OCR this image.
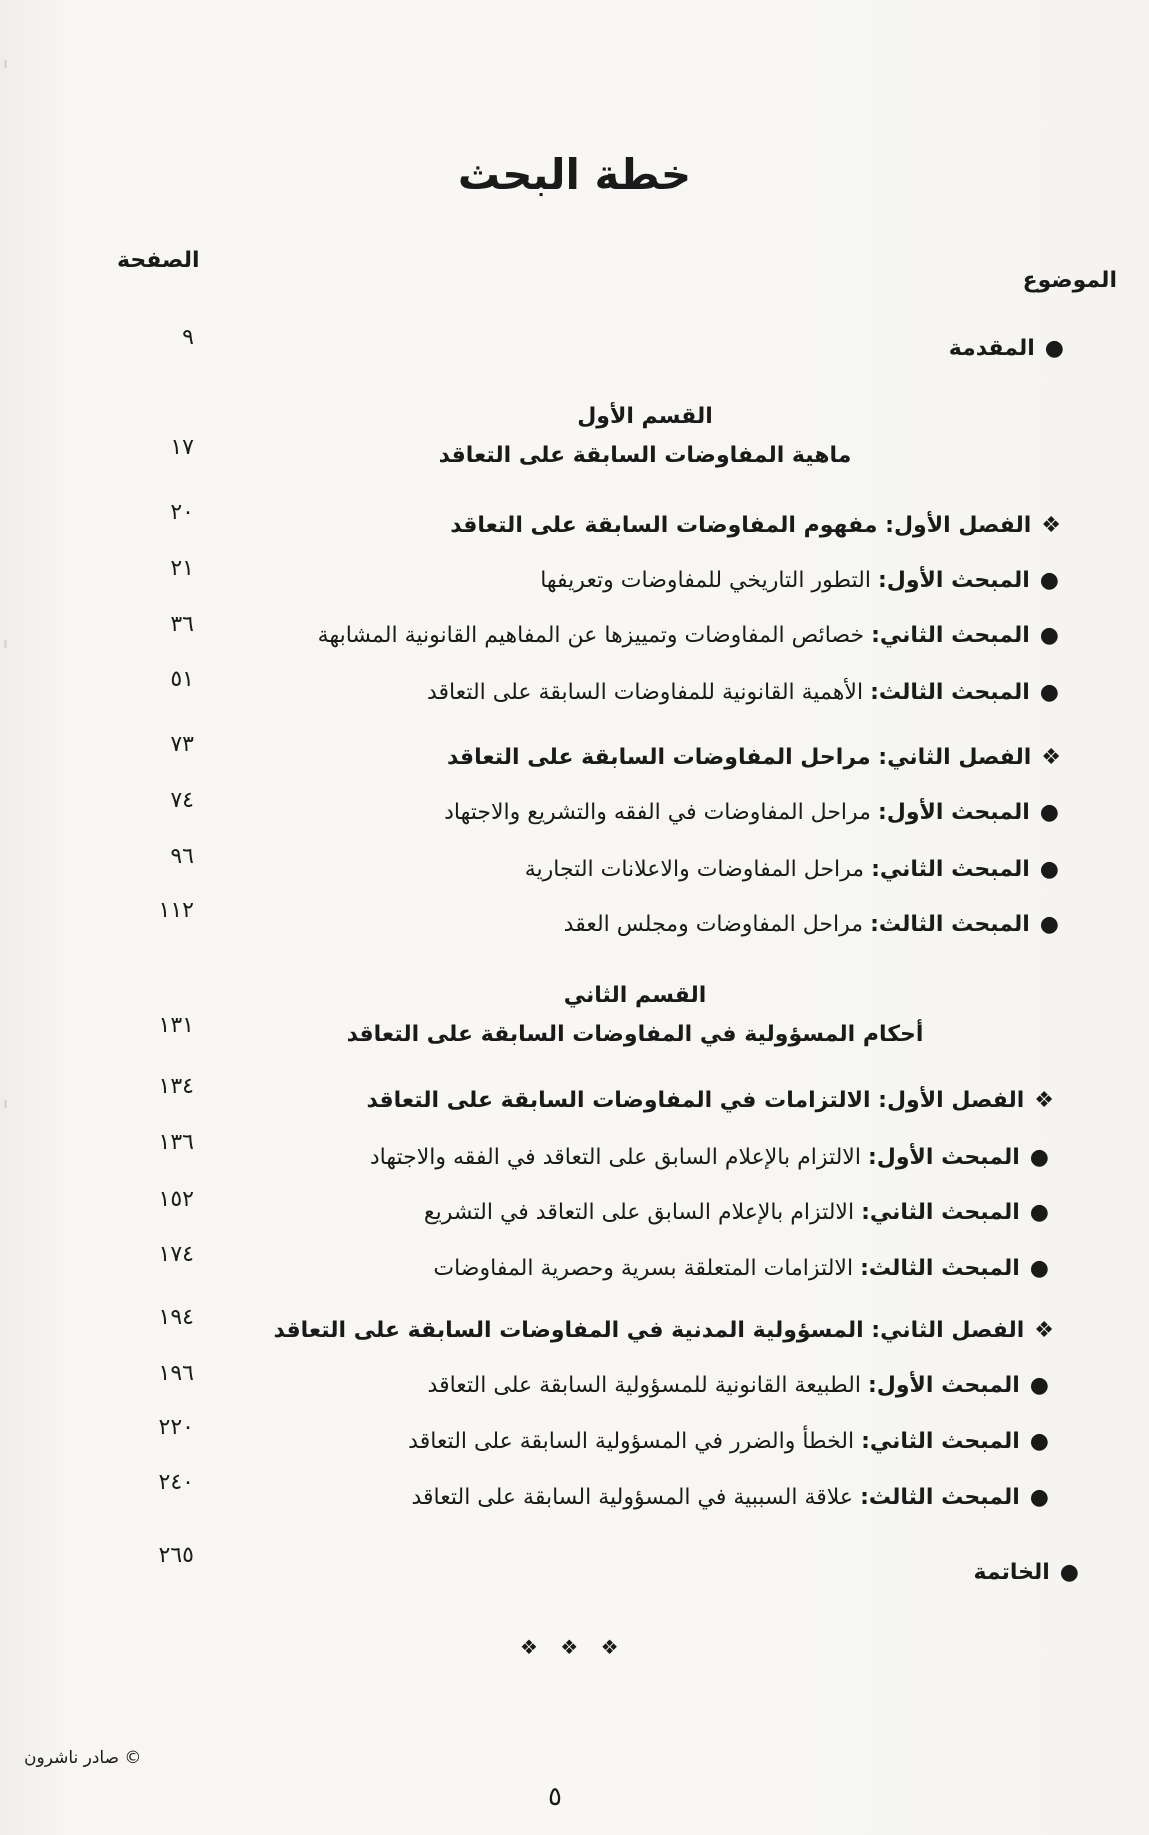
خطة البحث
الموضوع
الصفحة
●المقدمة
٩
القسم الأول
ماهية المفاوضات السابقة على التعاقد
١٧
❖الفصل الأول: مفهوم المفاوضات السابقة على التعاقد
٢٠
●المبحث الأول: التطور التاريخي للمفاوضات وتعريفها
٢١
●المبحث الثاني: خصائص المفاوضات وتمييزها عن المفاهيم القانونية المشابهة
٣٦
●المبحث الثالث: الأهمية القانونية للمفاوضات السابقة على التعاقد
٥١
❖الفصل الثاني: مراحل المفاوضات السابقة على التعاقد
٧٣
●المبحث الأول: مراحل المفاوضات في الفقه والتشريع والاجتهاد
٧٤
●المبحث الثاني: مراحل المفاوضات والاعلانات التجارية
٩٦
●المبحث الثالث: مراحل المفاوضات ومجلس العقد
١١٢
القسم الثاني
أحكام المسؤولية في المفاوضات السابقة على التعاقد
١٣١
❖الفصل الأول: الالتزامات في المفاوضات السابقة على التعاقد
١٣٤
●المبحث الأول: الالتزام بالإعلام السابق على التعاقد في الفقه والاجتهاد
١٣٦
●المبحث الثاني: الالتزام بالإعلام السابق على التعاقد في التشريع
١٥٢
●المبحث الثالث: الالتزامات المتعلقة بسرية وحصرية المفاوضات
١٧٤
❖الفصل الثاني: المسؤولية المدنية في المفاوضات السابقة على التعاقد
١٩٤
●المبحث الأول: الطبيعة القانونية للمسؤولية السابقة على التعاقد
١٩٦
●المبحث الثاني: الخطأ والضرر في المسؤولية السابقة على التعاقد
٢٢٠
●المبحث الثالث: علاقة السببية في المسؤولية السابقة على التعاقد
٢٤٠
●الخاتمة
٢٦٥
❖ ❖ ❖
© صادر ناشرون
٥
